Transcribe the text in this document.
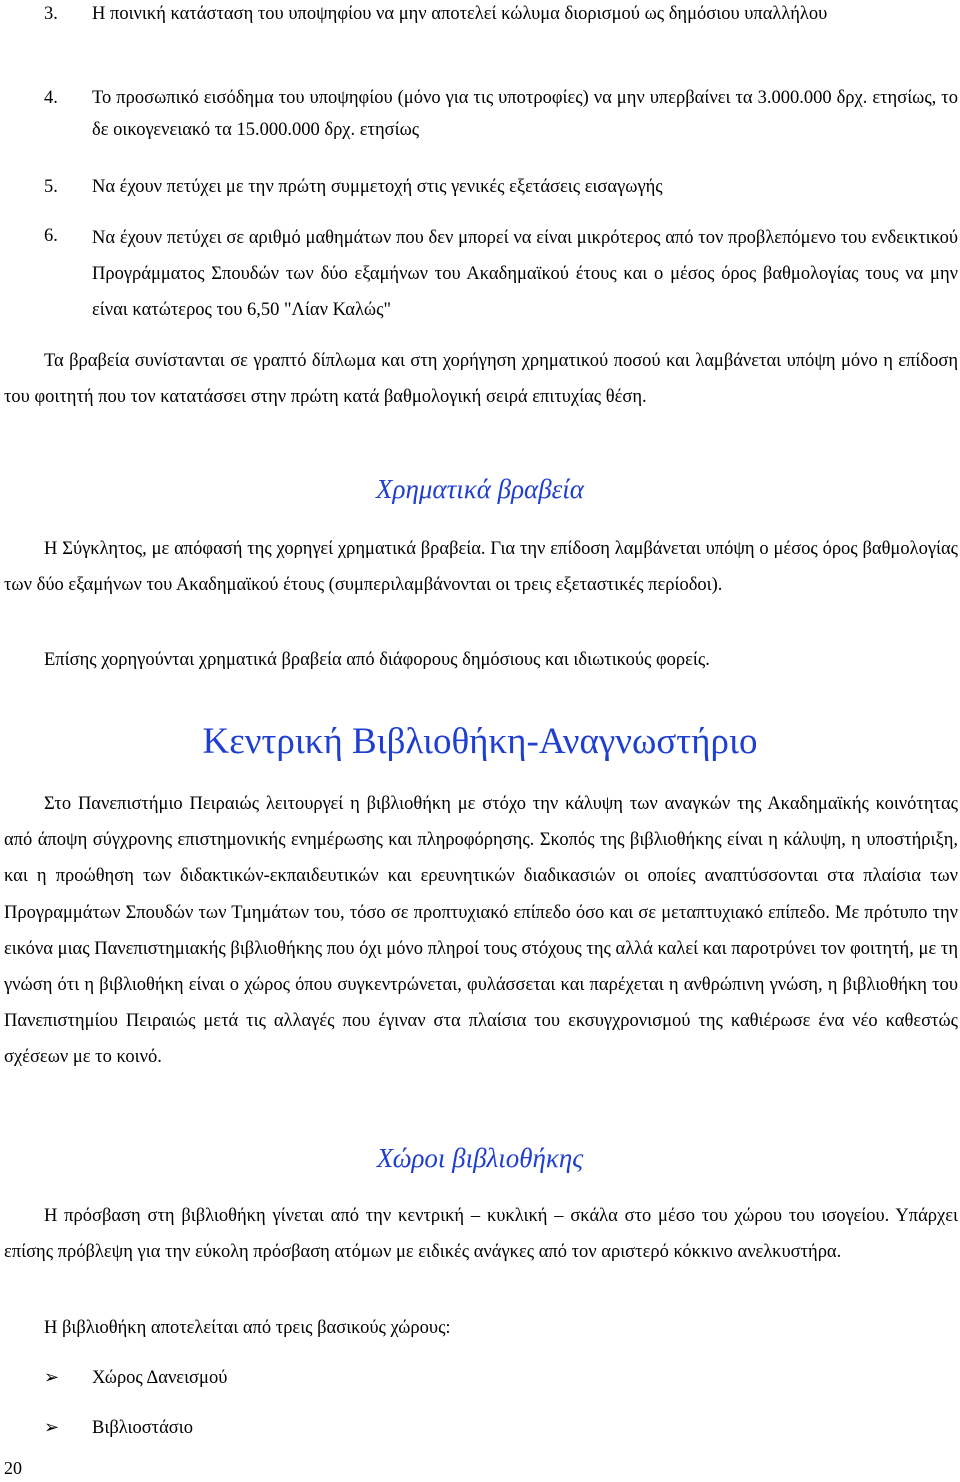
3. Η ποινική κατάσταση του υποψηφίου να μην αποτελεί κώλυμα διορισμού ως δημόσιου υπαλλήλου
4. Το προσωπικό εισόδημα του υποψηφίου (μόνο για τις υποτροφίες) να μην υπερβαίνει τα 3.000.000 δρχ. ετησίως, το δε οικογενειακό τα 15.000.000 δρχ. ετησίως
5. Να έχουν πετύχει με την πρώτη συμμετοχή στις γενικές εξετάσεις εισαγωγής
6. Να έχουν πετύχει σε αριθμό μαθημάτων που δεν μπορεί να είναι μικρότερος από τον προβλεπόμενο του ενδεικτικού Προγράμματος Σπουδών των δύο εξαμήνων του Ακαδημαϊκού έτους και ο μέσος όρος βαθμολογίας τους να μην είναι κατώτερος του 6,50 "Λίαν Καλώς"

Τα βραβεία συνίστανται σε γραπτό δίπλωμα και στη χορήγηση χρηματικού ποσού και λαμβάνεται υπόψη μόνο η επίδοση του φοιτητή που τον κατατάσσει στην πρώτη κατά βαθμολογική σειρά επιτυχίας θέση.

Χρηματικά βραβεία

Η Σύγκλητος, με απόφασή της χορηγεί χρηματικά βραβεία. Για την επίδοση λαμβάνεται υπόψη ο μέσος όρος βαθμολογίας των δύο εξαμήνων του Ακαδημαϊκού έτους (συμπεριλαμβάνονται οι τρεις εξεταστικές περίοδοι).

Επίσης χορηγούνται χρηματικά βραβεία από διάφορους δημόσιους και ιδιωτικούς φορείς.

Κεντρική Βιβλιοθήκη-Αναγνωστήριο

Στο Πανεπιστήμιο Πειραιώς λειτουργεί η βιβλιοθήκη με στόχο την κάλυψη των αναγκών της Ακαδημαϊκής κοινότητας από άποψη σύγχρονης επιστημονικής ενημέρωσης και πληροφόρησης. Σκοπός της βιβλιοθήκης είναι η κάλυψη, η υποστήριξη, και η προώθηση των διδακτικών-εκπαιδευτικών και ερευνητικών διαδικασιών οι οποίες αναπτύσσονται στα πλαίσια των Προγραμμάτων Σπουδών των Τμημάτων του, τόσο σε προπτυχιακό επίπεδο όσο και σε μεταπτυχιακό επίπεδο. Με πρότυπο την εικόνα μιας Πανεπιστημιακής βιβλιοθήκης που όχι μόνο πληροί τους στόχους της αλλά καλεί και παροτρύνει τον φοιτητή, με τη γνώση ότι η βιβλιοθήκη είναι ο χώρος όπου συγκεντρώνεται, φυλάσσεται και παρέχεται η ανθρώπινη γνώση, η βιβλιοθήκη του Πανεπιστημίου Πειραιώς μετά τις αλλαγές που έγιναν στα πλαίσια του εκσυγχρονισμού της καθιέρωσε ένα νέο καθεστώς σχέσεων με το κοινό.

Χώροι βιβλιοθήκης

Η πρόσβαση στη βιβλιοθήκη γίνεται από την κεντρική – κυκλική – σκάλα στο μέσο του χώρου του ισογείου. Υπάρχει επίσης πρόβλεψη για την εύκολη πρόσβαση ατόμων με ειδικές ανάγκες από τον αριστερό κόκκινο ανελκυστήρα.

Η βιβλιοθήκη αποτελείται από τρεις βασικούς χώρους:

➢ Χώρος Δανεισμού
➢ Βιβλιοστάσιο
20
